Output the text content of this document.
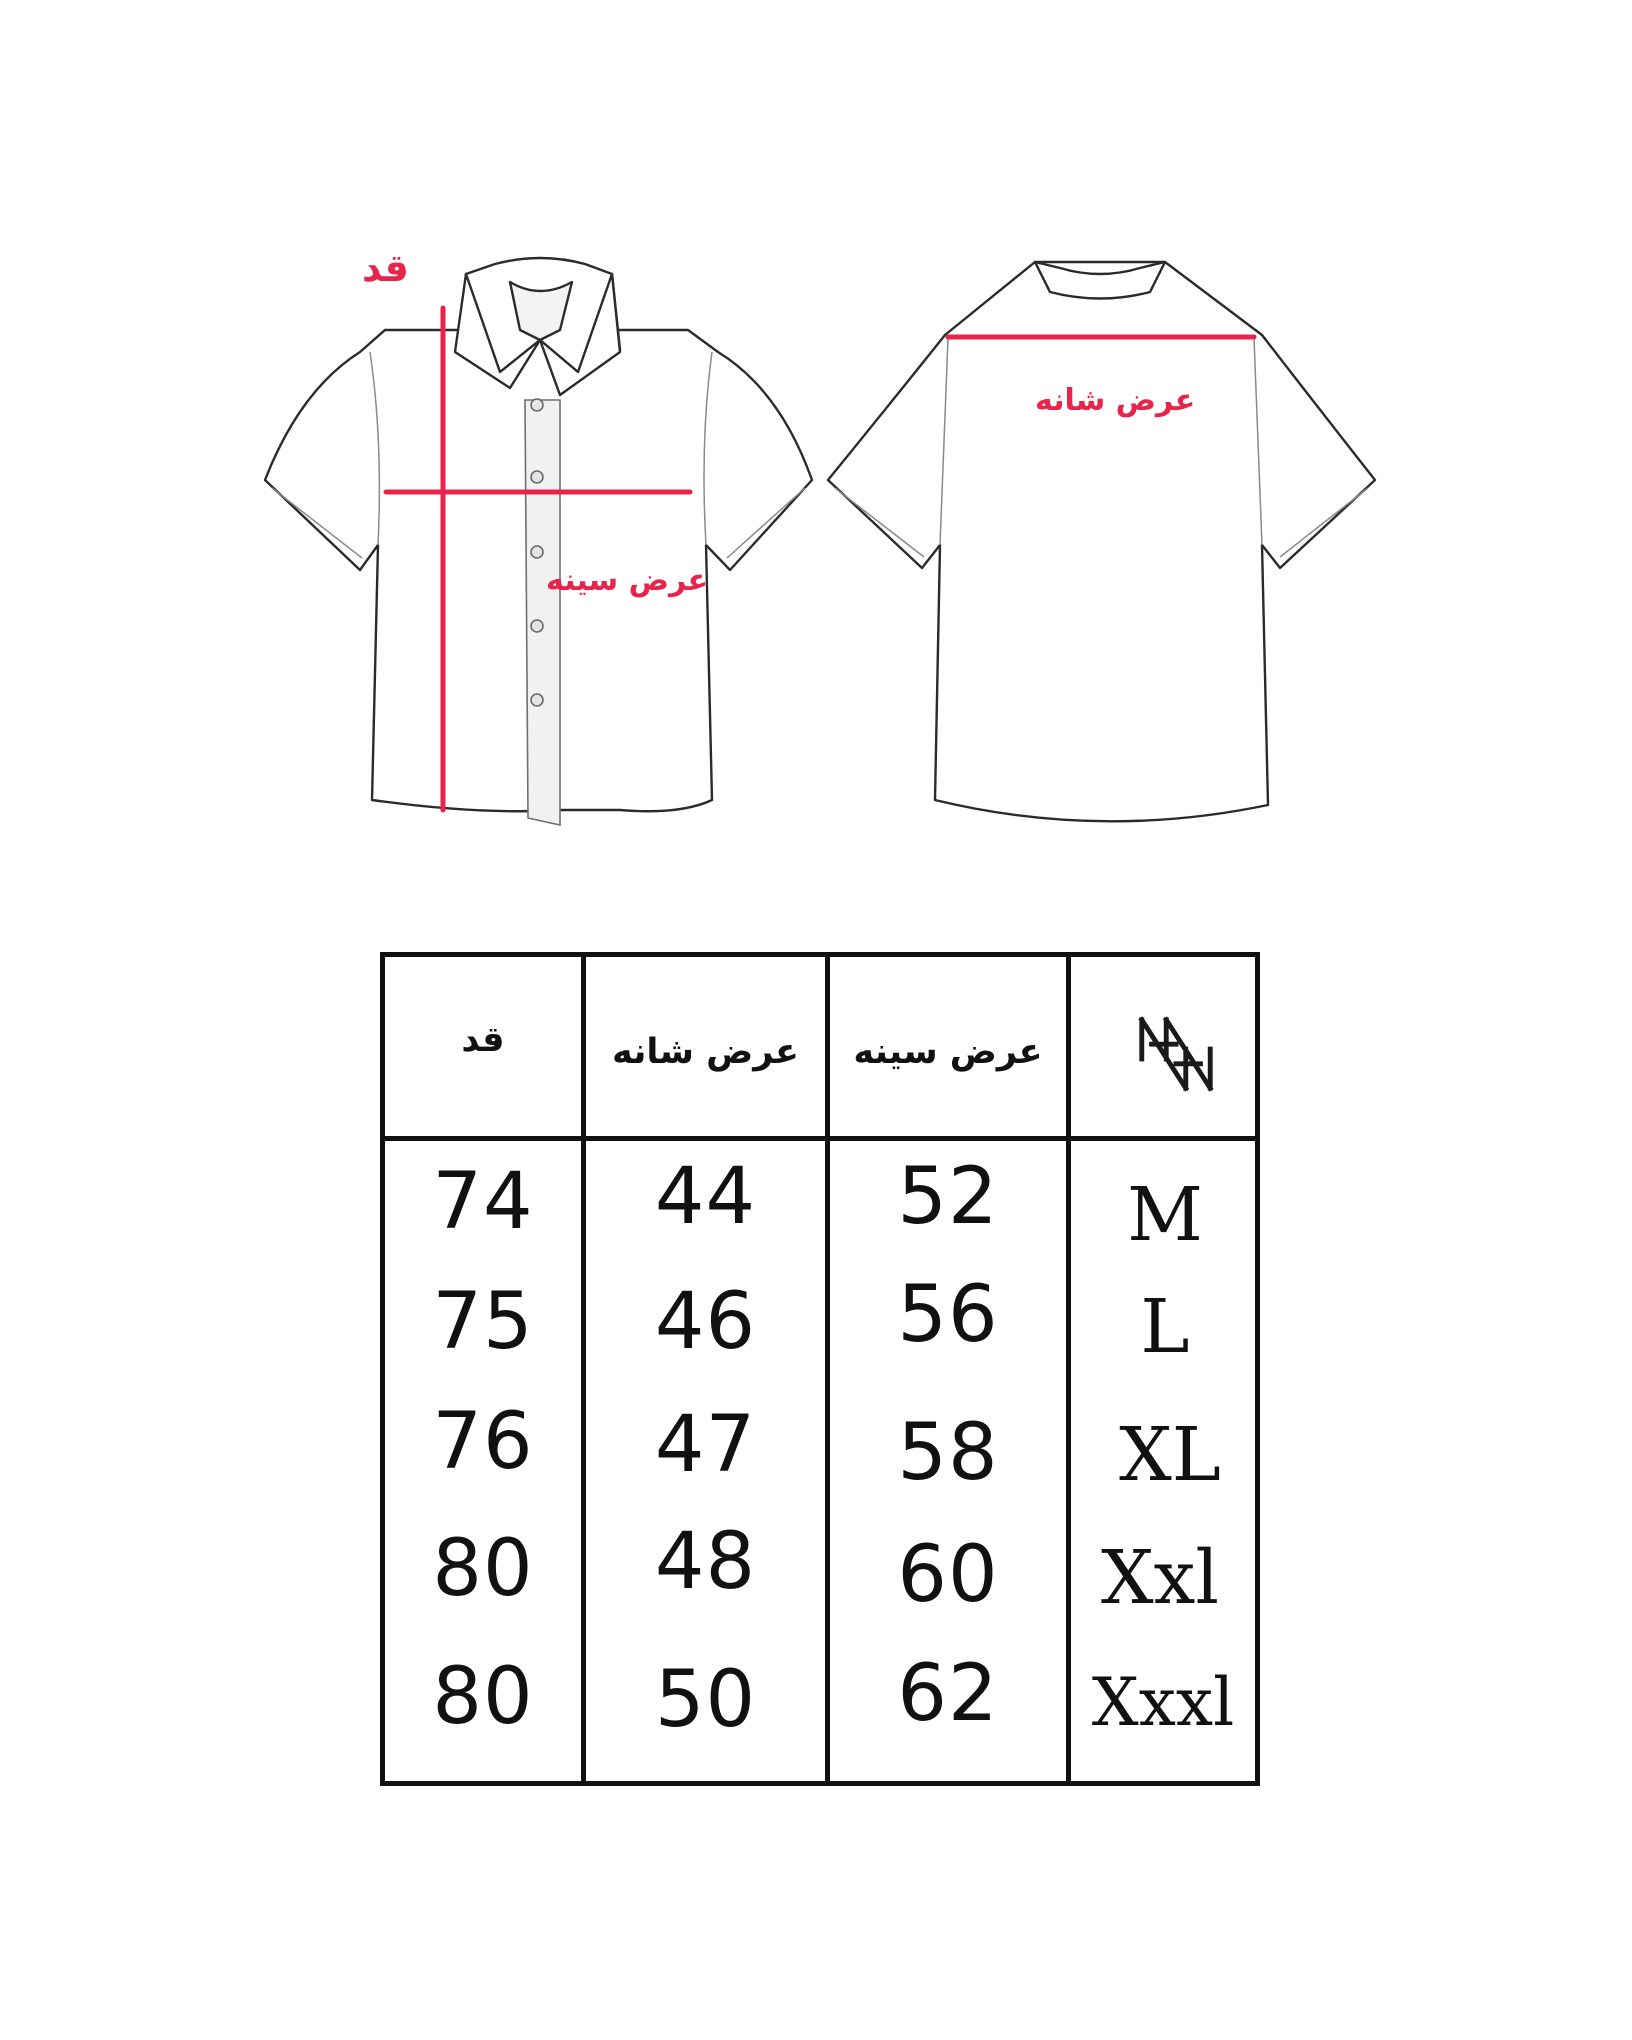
قد
عرض سینه
عرض شانه
قد	عرض شانه	عرض سینه
74	44	52	M
75	46	56	L
76	47	58	XL
80	48	60	Xxl
80	50	62	Xxxl
